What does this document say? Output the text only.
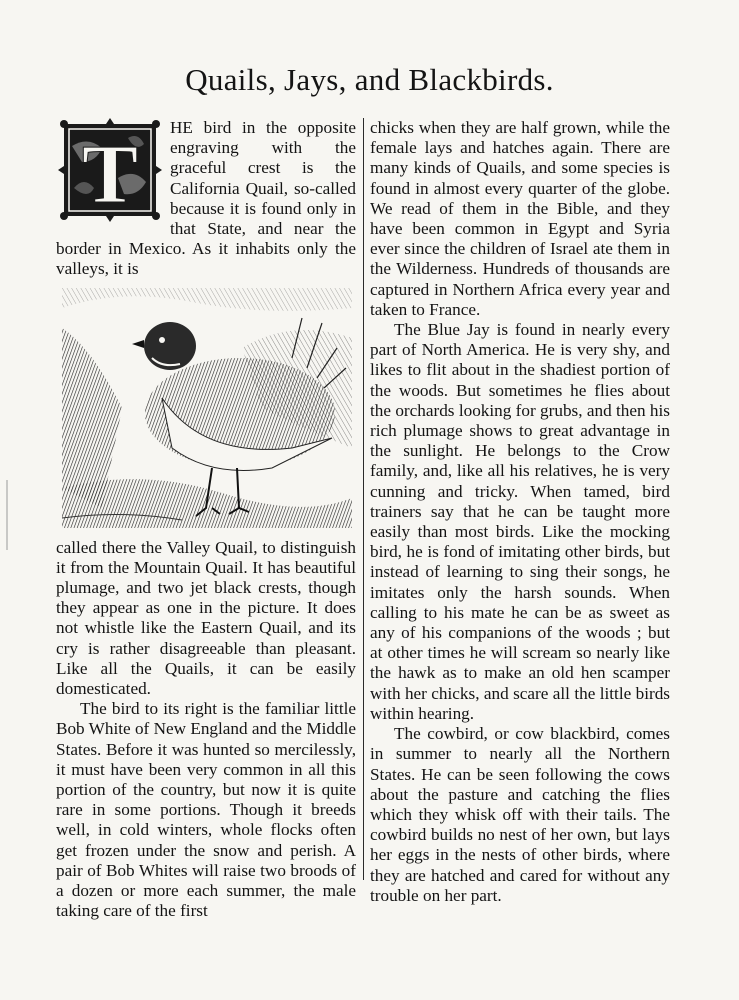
Quails, Jays, and Blackbirds.
T

HE bird in the opposite engraving with the graceful crest is the California Quail, so-called because it is found only in that State, and near the border in Mexico. As it inhabits only the valleys, it is

called there the Valley Quail, to distinguish it from the Mountain Quail. It has beautiful plumage, and two jet black crests, though they appear as one in the picture. It does not whistle like the Eastern Quail, and its cry is rather disagreeable than pleasant. Like all the Quails, it can be easily domesticated.

The bird to its right is the familiar little Bob White of New England and the Middle States. Before it was hunted so mercilessly, it must have been very common in all this portion of the country, but now it is quite rare in some portions. Though it breeds well, in cold winters, whole flocks often get frozen under the snow and perish. A pair of Bob Whites will raise two broods of a dozen or more each summer, the male taking care of the first

chicks when they are half grown, while the female lays and hatches again. There are many kinds of Quails, and some species is found in almost every quarter of the globe. We read of them in the Bible, and they have been common in Egypt and Syria ever since the children of Israel ate them in the Wilderness. Hundreds of thousands are captured in Northern Africa every year and taken to France.

The Blue Jay is found in nearly every part of North America. He is very shy, and likes to flit about in the shadiest portion of the woods. But sometimes he flies about the orchards looking for grubs, and then his rich plumage shows to great advantage in the sunlight. He belongs to the Crow family, and, like all his relatives, he is very cunning and tricky. When tamed, bird trainers say that he can be taught more easily than most birds. Like the mocking bird, he is fond of imitating other birds, but instead of learning to sing their songs, he imitates only the harsh sounds. When calling to his mate he can be as sweet as any of his companions of the woods ; but at other times he will scream so nearly like the hawk as to make an old hen scamper with her chicks, and scare all the little birds within hearing.

The cowbird, or cow blackbird, comes in summer to nearly all the Northern States. He can be seen following the cows about the pasture and catching the flies which they whisk off with their tails. The cowbird builds no nest of her own, but lays her eggs in the nests of other birds, where they are hatched and cared for without any trouble on her part.
